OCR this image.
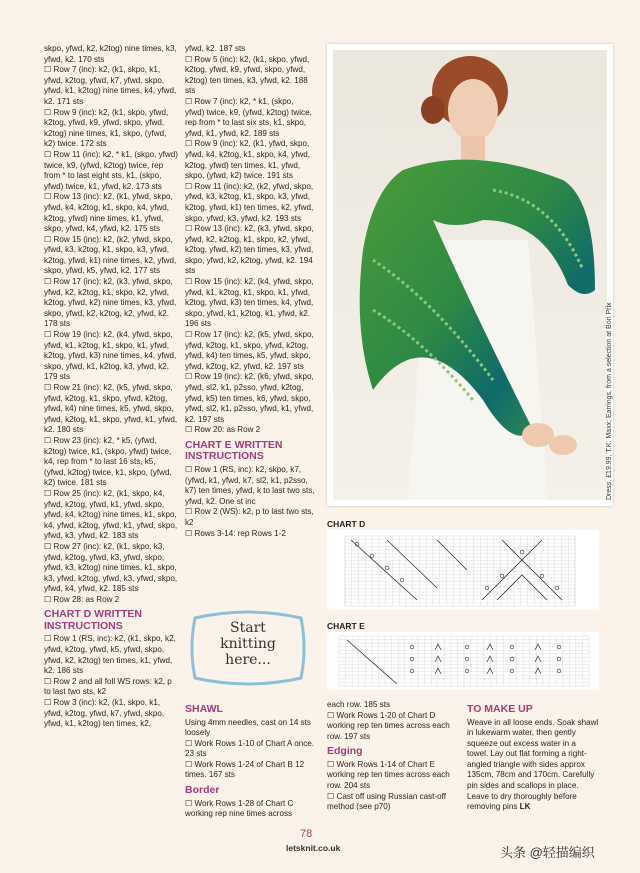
skpo, yfwd, k2, k2tog) nine times, k3, yfwd, k2. 170 sts

☐ Row 7 (inc): k2, (k1, skpo, k1, yfwd, k2tog, yfwd, k7, yfwd, skpo, yfwd, k1, k2tog) nine times, k4, yfwd, k2. 171 sts

☐ Row 9 (inc): k2, (k1, skpo, yfwd, k2tog, yfwd, k9, yfwd, skpo, yfwd, k2tog) nine times, k1, skpo, (yfwd, k2) twice. 172 sts

☐ Row 11 (inc): k2, * k1, (skpo, yfwd) twice, k9, (yfwd, k2tog) twice, rep from * to last eight sts, k1, (skpo, yfwd) twice, k1, yfwd, k2. 173 sts

☐ Row 13 (inc): k2, (k1, yfwd, skpo, yfwd, k4, k2tog, k1, skpo, k4, yfwd, k2tog, yfwd) nine times, k1, yfwd, skpo, yfwd, k4, yfwd, k2. 175 sts

☐ Row 15 (inc): k2, (k2, yfwd, skpo, yfwd, k3, k2tog, k1, skpo, k3, yfwd, k2tog, yfwd, k1) nine times, k2, yfwd, skpo, yfwd, k5, yfwd, k2. 177 sts

☐ Row 17 (inc): k2, (k3, yfwd, skpo, yfwd, k2, k2tog, k1, skpo, k2, yfwd, k2tog, yfwd, k2) nine times, k3, yfwd, skpo, yfwd, k2, k2tog, k2, yfwd, k2. 178 sts

☐ Row 19 (inc): k2, (k4, yfwd, skpo, yfwd, k1, k2tog, k1, skpo, k1, yfwd, k2tog, yfwd, k3) nine times, k4, yfwd, skpo, yfwd, k1, k2tog, k3, yfwd, k2. 179 sts

☐ Row 21 (inc): k2, (k5, yfwd, skpo, yfwd, k2tog, k1, skpo, yfwd, k2tog, yfwd, k4) nine times, k5, yfwd, skpo, yfwd, k2tog, k1, skpo, yfwd, k1, yfwd, k2. 180 sts

☐ Row 23 (inc): k2, * k5, (yfwd, k2tog) twice, k1, (skpo, yfwd) twice, k4, rep from * to last 16 sts, k5, (yfwd, k2tog) twice, k1, skpo, (yfwd, k2) twice. 181 sts

☐ Row 25 (inc): k2, (k1, skpo, k4, yfwd, k2tog, yfwd, k1, yfwd, skpo, yfwd, k4, k2tog) nine times, k1, skpo, k4, yfwd, k2tog, yfwd, k1, yfwd, skpo, yfwd, k3, yfwd, k2. 183 sts

☐ Row 27 (inc): k2, (k1, skpo, k3, yfwd, k2tog, yfwd, k3, yfwd, skpo, yfwd, k3, k2tog) nine times, k1, skpo, k3, yfwd, k2tog, yfwd, k3, yfwd, skpo, yfwd, k4, yfwd, k2. 185 sts

☐ Row 28: as Row 2

CHART D WRITTEN INSTRUCTIONS

☐ Row 1 (RS, inc): k2, (k1, skpo, k2, yfwd, k2tog, yfwd, k5, yfwd, skpo, yfwd, k2, k2tog) ten times, k1, yfwd, k2. 186 sts

☐ Row 2 and all foll WS rows: k2, p to last two sts, k2

☐ Row 3 (inc): k2, (k1, skpo, k1, yfwd, k2tog, yfwd, k7, yfwd, skpo, yfwd, k1, k2tog) ten times, k2,

yfwd, k2. 187 sts

☐ Row 5 (inc): k2, (k1, skpo, yfwd, k2tog, yfwd, k9, yfwd, skpo, yfwd, k2tog) ten times, k3, yfwd, k2. 188 sts

☐ Row 7 (inc): k2, * k1, (skpo, yfwd) twice, k9, (yfwd, k2tog) twice, rep from * to last six sts, k1, skpo, yfwd, k1, yfwd, k2. 189 sts

☐ Row 9 (inc): k2, (k1, yfwd, skpo, yfwd, k4, k2tog, k1, skpo, k4, yfwd, k2tog, yfwd) ten times, k1, yfwd, skpo, (yfwd, k2) twice. 191 sts

☐ Row 11 (inc): k2, (k2, yfwd, skpo, yfwd, k3, k2tog, k1, skpo, k3, yfwd, k2tog, yfwd, k1) ten times, k2, yfwd, skpo, yfwd, k3, yfwd, k2. 193 sts

☐ Row 13 (inc): k2, (k3, yfwd, skpo, yfwd, k2, k2tog, k1, skpo, k2, yfwd, k2tog, yfwd, k2) ten times, k3, yfwd, skpo, yfwd, k2, k2tog, yfwd, k2. 194 sts

☐ Row 15 (inc): k2, (k4, yfwd, skpo, yfwd, k1, k2tog, k1, skpo, k1, yfwd, k2tog, yfwd, k3) ten times, k4, yfwd, skpo, yfwd, k1, k2tog, k1, yfwd, k2. 196 sts

☐ Row 17 (inc): k2, (k5, yfwd, skpo, yfwd, k2tog, k1, skpo, yfwd, k2tog, yfwd, k4) ten times, k5, yfwd, skpo, yfwd, k2tog, k2, yfwd, k2. 197 sts

☐ Row 19 (inc): k2, (k6, yfwd, skpo, yfwd, sl2, k1, p2sso, yfwd, k2tog, yfwd, k5) ten times, k6, yfwd, skpo, yfwd, sl2, k1, p2sso, yfwd, k1, yfwd, k2. 197 sts

☐ Row 20: as Row 2

CHART E WRITTEN INSTRUCTIONS

☐ Row 1 (RS, inc): k2, skpo, k7, (yfwd, k1, yfwd, k7, sl2, k1, p2sso, k7) ten times, yfwd, k to last two sts, yfwd, k2. One st inc

☐ Row 2 (WS): k2, p to last two sts, k2

☐ Rows 3-14: rep Rows 1-2

Dress, £19.99, T.K. Maxx; Earrings, from a selection at Bon Prix
CHART D
CHART E
Start
knitting
here...
SHAWL

Using 4mm needles, cast on 14 sts loosely

☐ Work Rows 1-10 of Chart A once. 23 sts

☐ Work Rows 1-24 of Chart B 12 times. 167 sts

Border

☐ Work Rows 1-28 of Chart C working rep nine times across

each row. 185 sts

☐ Work Rows 1-20 of Chart D working rep ten times across each row. 197 sts

Edging

☐ Work Rows 1-14 of Chart E working rep ten times across each row. 204 sts

☐ Cast off using Russian cast-off method (see p70)

TO MAKE UP

Weave in all loose ends. Soak shawl in lukewarm water, then gently squeeze out excess water in a towel. Lay out flat forming a right-angled triangle with sides approx 135cm, 78cm and 170cm. Carefully pin sides and scallops in place. Leave to dry thoroughly before removing pins LK

78
letsknit.co.uk	头条 @轻描编织
